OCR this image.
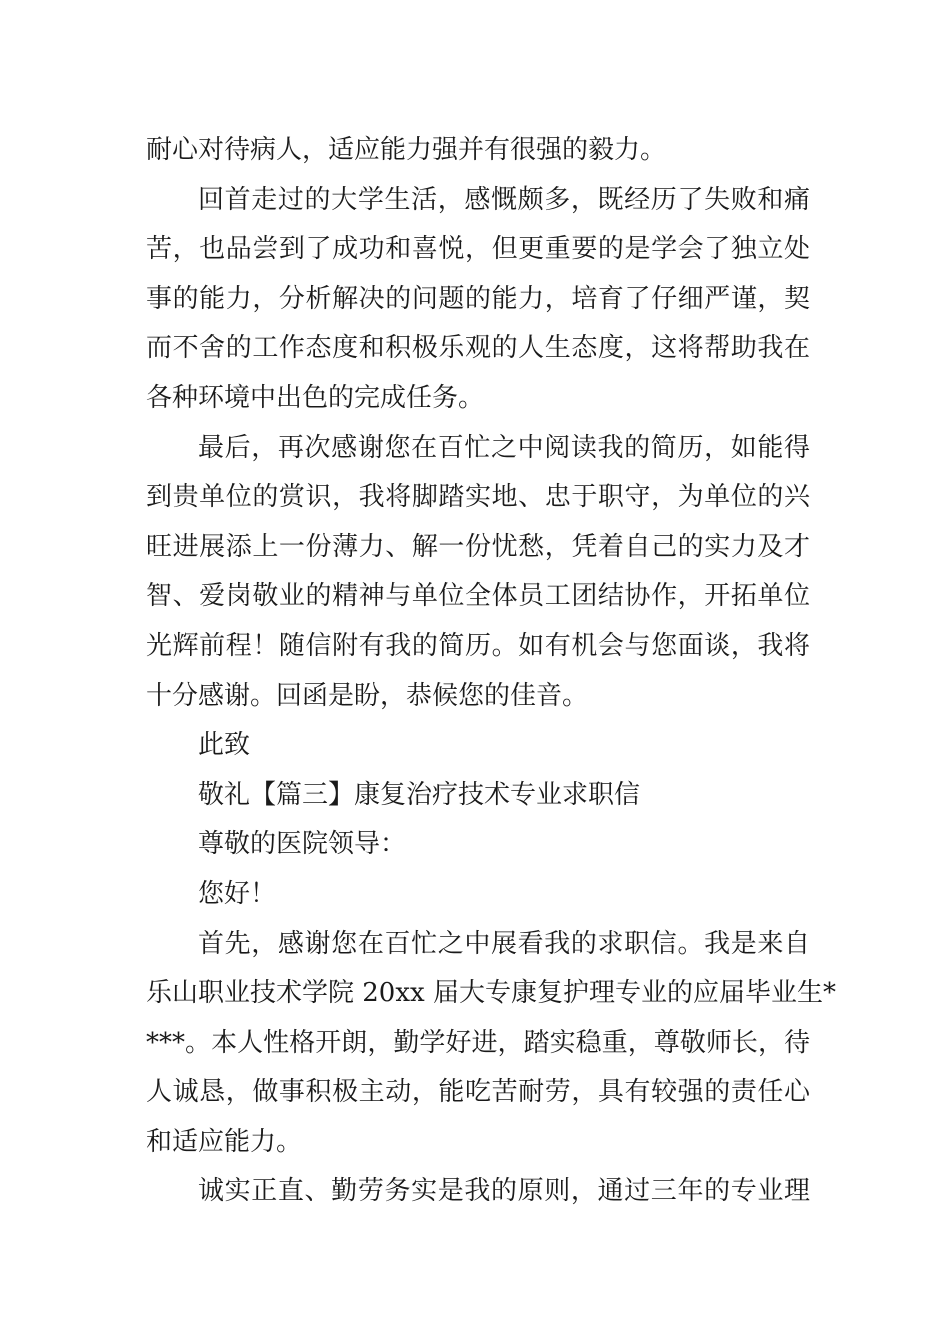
耐心对待病人，适应能力强并有很强的毅力。
回首走过的大学生活，感慨颇多，既经历了失败和痛
苦，也品尝到了成功和喜悦，但更重要的是学会了独立处
事的能力，分析解决的问题的能力，培育了仔细严谨，契
而不舍的工作态度和积极乐观的人生态度，这将帮助我在
各种环境中出色的完成任务。
最后，再次感谢您在百忙之中阅读我的简历，如能得
到贵单位的赏识，我将脚踏实地、忠于职守，为单位的兴
旺进展添上一份薄力、解一份忧愁，凭着自己的实力及才
智、爱岗敬业的精神与单位全体员工团结协作，开拓单位
光辉前程！随信附有我的简历。如有机会与您面谈，我将
十分感谢。回函是盼，恭候您的佳音。
此致
敬礼【篇三】康复治疗技术专业求职信
尊敬的医院领导：
您好！
首先，感谢您在百忙之中展看我的求职信。我是来自
乐山职业技术学院 20xx 届大专康复护理专业的应届毕业生*
***。本人性格开朗，勤学好进，踏实稳重，尊敬师长，待
人诚恳，做事积极主动，能吃苦耐劳，具有较强的责任心
和适应能力。
诚实正直、勤劳务实是我的原则，通过三年的专业理
